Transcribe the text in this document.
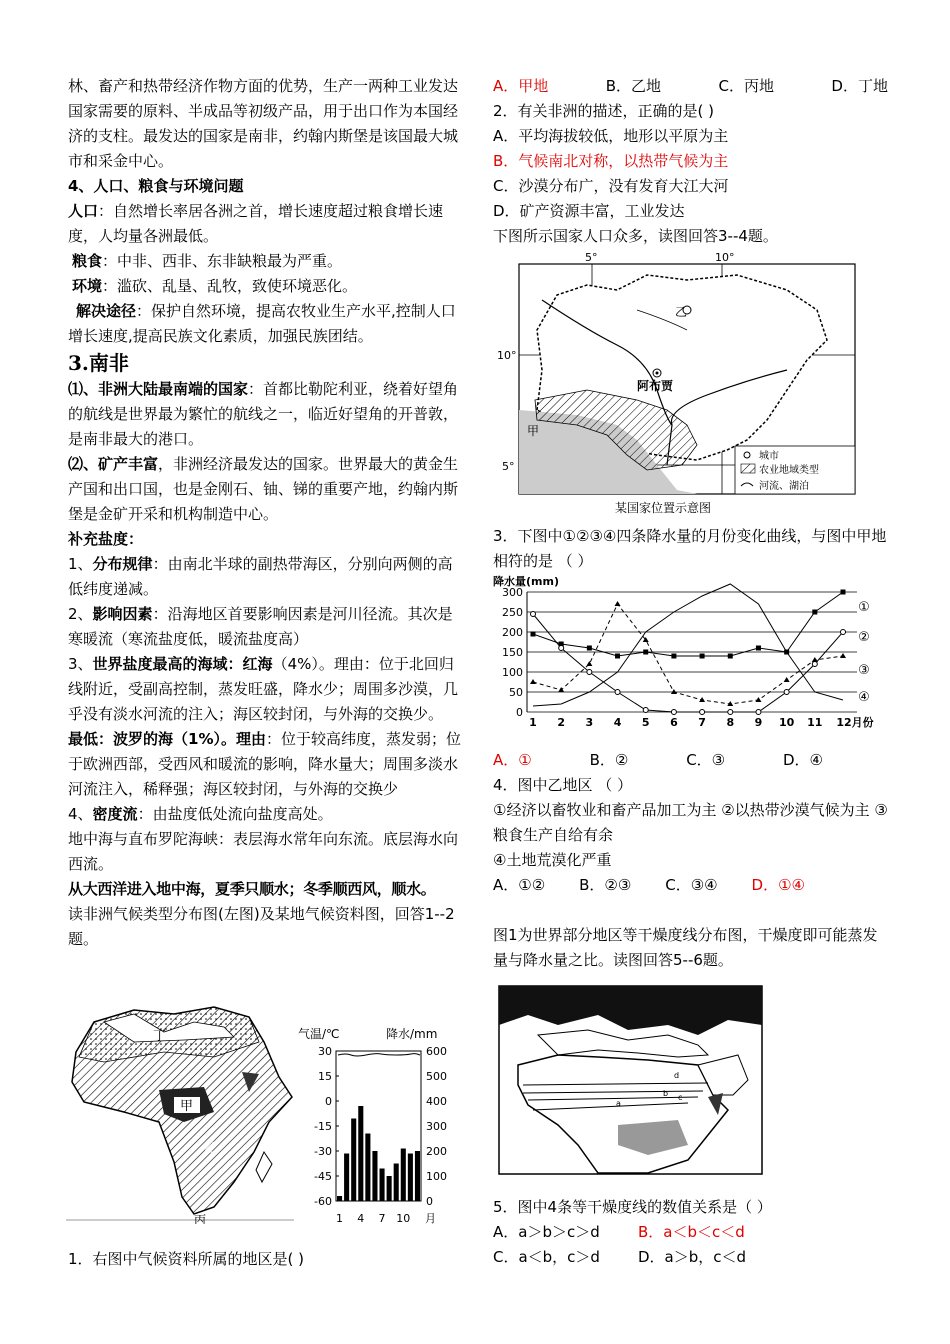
林、畜产和热带经济作物方面的优势，生产一两种工业发达国家需要的原料、半成品等初级产品，用于出口作为本国经济的支柱。最发达的国家是南非，约翰内斯堡是该国最大城市和采金中心。

4、人口、粮食与环境问题

人口：自然增长率居各洲之首，增长速度超过粮食增长速度，人均量各洲最低。

粮食：中非、西非、东非缺粮最为严重。

环境：滥砍、乱垦、乱牧，致使环境恶化。

解决途径：保护自然环境，提高农牧业生产水平,控制人口增长速度,提高民族文化素质，加强民族团结。

3.南非

⑴、非洲大陆最南端的国家：首都比勒陀利亚，绕着好望角的航线是世界最为繁忙的航线之一，临近好望角的开普敦，是南非最大的港口。

⑵、矿产丰富，非洲经济最发达的国家。世界最大的黄金生产国和出口国，也是金刚石、铀、锑的重要产地，约翰内斯堡是金矿开采和机构制造中心。

补充盐度：

1、分布规律：由南北半球的副热带海区，分别向两侧的高低纬度递减。

2、影响因素：沿海地区首要影响因素是河川径流。其次是寒暖流（寒流盐度低，暖流盐度高）

3、世界盐度最高的海域：红海（4%）。理由：位于北回归线附近，受副高控制，蒸发旺盛，降水少；周围多沙漠，几乎没有淡水河流的注入；海区较封闭，与外海的交换少。

最低：波罗的海（1%）。理由：位于较高纬度，蒸发弱；位于欧洲西部，受西风和暖流的影响，降水量大；周围多淡水河流注入，稀释强；海区较封闭，与外海的交换少

4、密度流：由盐度低处流向盐度高处。

地中海与直布罗陀海峡：表层海水常年向东流。底层海水向西流。

从大西洋进入地中海，夏季只顺水；冬季顺西风，顺水。

读非洲气候类型分布图(左图)及某地气候资料图，回答1--2题。

丁
甲
乙
丙
气温/℃	降水/mm
30
15
0
-15
-30
-45
-60
600
500
400
300
200
100
0
1 4 7 10 月

1．右图中气候资料所属的地区是( )

A．甲地	B．乙地	C．丙地	D．丁地

2．有关非洲的描述，正确的是( )

A．平均海拔较低，地形以平原为主

B．气候南北对称，以热带气候为主

C．沙漠分布广，没有发育大江大河

D．矿产资源丰富，工业发达

下图所示国家人口众多，读图回答3--4题。

5°	10°
10°
5°
乙
阿布贾
甲
城市
农业地域类型
河流、湖泊
某国家位置示意图

3．下图中①②③④四条降水量的月份变化曲线，与图中甲地相符的是 （ ）

降水量(mm)
0
50
100
150
200
250
300
①
②
③
④
1 2 3 4 5 6 7 8 9 10 11 12月份
A．①	B．②	C．③	D．④

4．图中乙地区 （ ）

①经济以畜牧业和畜产品加工为主 ②以热带沙漠气候为主 ③粮食生产自给有余

④土地荒漠化严重

A．①② B．②③ C．③④ D．①④

图1为世界部分地区等干燥度线分布图，干燥度即可能蒸发量与降水量之比。读图回答5--6题。

d
b
a
c

5．图中4条等干燥度线的数值关系是（ ）

A．a＞b＞c＞d	B．a＜b＜c＜d
C．a＜b，c＞d	D．a＞b，c＜d
